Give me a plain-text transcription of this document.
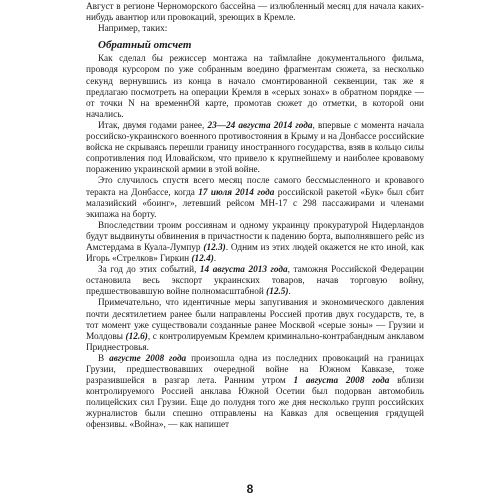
Август в регионе Черноморского бассейна — излюбленный месяц для начала каких-нибудь авантюр или провокаций, зреющих в Кремле.

Например, таких:

Обратный отсчет

Как сделал бы режиссер монтажа на таймлайне документального фильма, проводя курсором по уже собранным воедино фрагментам сюжета, за несколько секунд вернувшись из конца в начало смонтированной секвенции, так же я предлагаю посмотреть на операции Кремля в «серых зонах» в обратном порядке — от точки N на временнОй карте, промотав сюжет до отметки, в которой они начались.

Итак, двумя годами ранее, 23—24 августа 2014 года, впервые с момента начала российско-украинского военного противостояния в Крыму и на Донбассе российские войска не скрываясь перешли границу иностранного государства, взяв в кольцо силы сопротивления под Иловайском, что привело к крупнейшему и наиболее кровавому поражению украинской армии в этой войне.

Это случилось спустя всего месяц после самого бессмысленного и кровавого теракта на Донбассе, когда 17 июля 2014 года российской ракетой «Бук» был сбит малазийский «боинг», летевший рейсом МН-17 с 298 пассажирами и членами экипажа на борту.

Впоследствии троим россиянам и одному украинцу прокуратурой Нидерландов будут выдвинуты обвинения в причастности к падению борта, выполнявшего рейс из Амстердама в Куала-Лумпур (12.3). Одним из этих людей окажется не кто иной, как Игорь «Стрелков» Гиркин (12.4).

За год до этих событий, 14 августа 2013 года, таможня Российской Федерации остановила весь экспорт украинских товаров, начав торговую войну, предшествовавшую войне полномасштабной (12.5).

Примечательно, что идентичные меры запугивания и экономического давления почти десятилетием ранее были направлены Россией против двух государств, те, в тот момент уже существовали созданные ранее Москвой «серые зоны» — Грузии и Молдовы (12.6), с контролируемым Кремлем криминально-контрабандным анклавом Приднестровья.

В августе 2008 года произошла одна из последних провокаций на границах Грузии, предшествовавших очередной войне на Южном Кавказе, тоже разразившейся в разгар лета. Ранним утром 1 августа 2008 года вблизи контролируемого Россией анклава Южной Осетии был подорван автомобиль полицейских сил Грузии. Еще до полудня того же дня несколько групп российских журналистов были спешно отправлены на Кавказ для освещения грядущей офензивы. «Война», — как напишет

8
